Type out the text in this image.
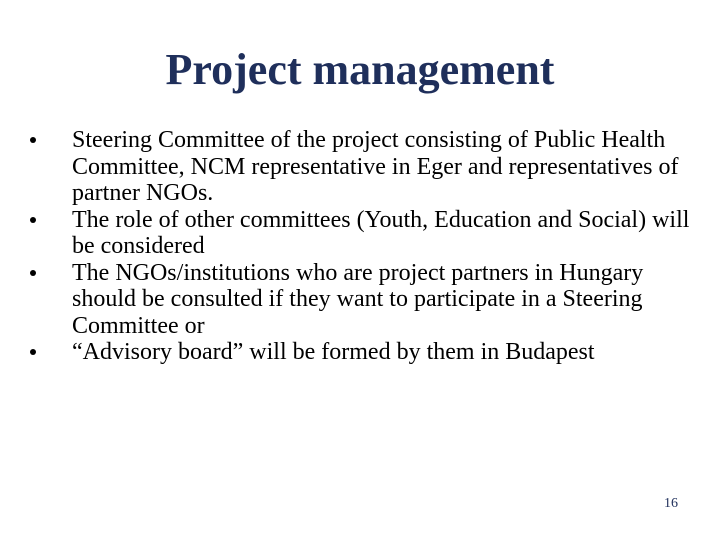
Project management
Steering Committee of the project consisting of Public Health Committee, NCM representative in Eger and representatives of partner NGOs.
The role of other committees (Youth, Education and Social) will be considered
The NGOs/institutions who are project partners in Hungary should be consulted if they want to participate in a Steering Committee or
“Advisory board” will be formed by them in Budapest
16
